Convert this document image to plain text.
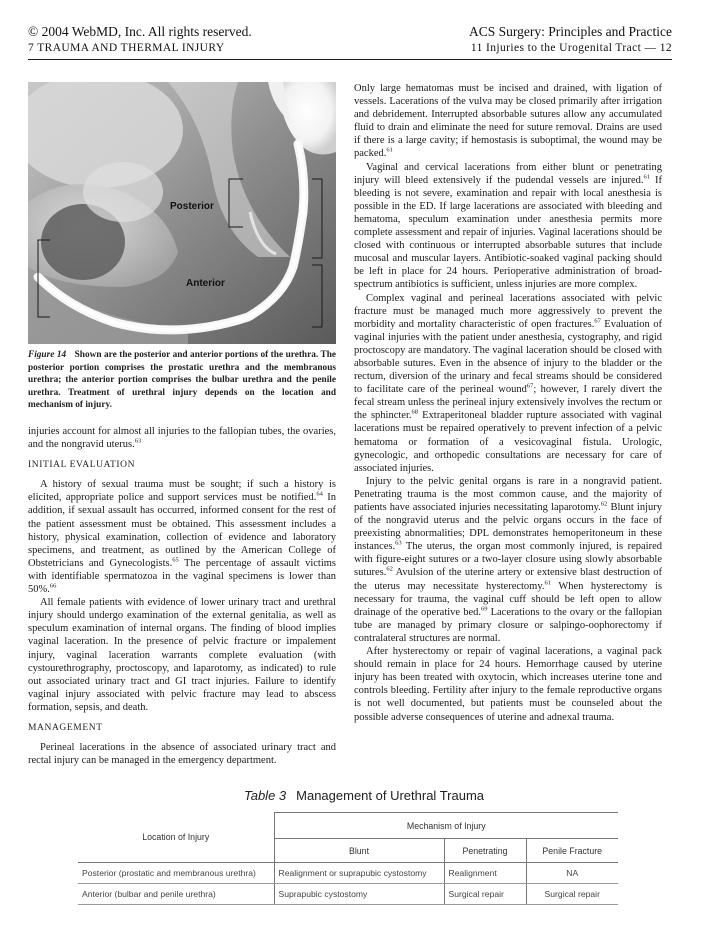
© 2004 WebMD, Inc. All rights reserved.	ACS Surgery: Principles and Practice
7 TRAUMA AND THERMAL INJURY	11 Injuries to the Urogenital Tract — 12
Posterior
Anterior
Figure 14 Shown are the posterior and anterior portions of the urethra. The posterior portion comprises the prostatic urethra and the membranous urethra; the anterior portion comprises the bulbar urethra and the penile urethra. Treatment of urethral injury depends on the location and mechanism of injury.

injuries account for almost all injuries to the fallopian tubes, the ovaries, and the nongravid uterus.$^{63}$

INITIAL EVALUATION

A history of sexual trauma must be sought; if such a history is elicited, appropriate police and support services must be notified.$^{64}$ In addition, if sexual assault has occurred, informed consent for the rest of the patient assessment must be obtained. This assessment includes a history, physical examination, collection of evidence and laboratory specimens, and treatment, as outlined by the American College of Obstetricians and Gynecologists.$^{65}$ The percentage of assault victims with identifiable spermatozoa in the vaginal specimens is lower than 50%.$^{66}$

All female patients with evidence of lower urinary tract and urethral injury should undergo examination of the external genitalia, as well as speculum examination of internal organs. The finding of blood implies vaginal laceration. In the presence of pelvic fracture or impalement injury, vaginal laceration warrants complete evaluation (with cystourethrography, proctoscopy, and laparotomy, as indicated) to rule out associated urinary tract and GI tract injuries. Failure to identify vaginal injury associated with pelvic fracture may lead to abscess formation, sepsis, and death.

MANAGEMENT

Perineal lacerations in the absence of associated urinary tract and rectal injury can be managed in the emergency department.

Only large hematomas must be incised and drained, with ligation of vessels. Lacerations of the vulva may be closed primarily after irrigation and debridement. Interrupted absorbable sutures allow any accumulated fluid to drain and eliminate the need for suture removal. Drains are used if there is a large cavity; if hemostasis is suboptimal, the wound may be packed.$^{61}$

Vaginal and cervical lacerations from either blunt or penetrating injury will bleed extensively if the pudendal vessels are injured.$^{61}$ If bleeding is not severe, examination and repair with local anesthesia is possible in the ED. If large lacerations are associated with bleeding and hematoma, speculum examination under anesthesia permits more complete assessment and repair of injuries. Vaginal lacerations should be closed with continuous or interrupted absorbable sutures that include mucosal and muscular layers. Antibiotic-soaked vaginal packing should be left in place for 24 hours. Perioperative administration of broad-spectrum antibiotics is sufficient, unless injuries are more complex.

Complex vaginal and perineal lacerations associated with pelvic fracture must be managed much more aggressively to prevent the morbidity and mortality characteristic of open fractures.$^{67}$ Evaluation of vaginal injuries with the patient under anesthesia, cystography, and rigid proctoscopy are mandatory. The vaginal laceration should be closed with absorbable sutures. Even in the absence of injury to the bladder or the rectum, diversion of the urinary and fecal streams should be considered to facilitate care of the perineal wound$^{67}$; however, I rarely divert the fecal stream unless the perineal injury extensively involves the rectum or the sphincter.$^{68}$ Extraperitoneal bladder rupture associated with vaginal lacerations must be repaired operatively to prevent infection of a pelvic hematoma or formation of a vesicovaginal fistula. Urologic, gynecologic, and orthopedic consultations are necessary for care of associated injuries.

Injury to the pelvic genital organs is rare in a nongravid patient. Penetrating trauma is the most common cause, and the majority of patients have associated injuries necessitating laparotomy.$^{62}$ Blunt injury of the nongravid uterus and the pelvic organs occurs in the face of preexisting abnormalities; DPL demonstrates hemoperitoneum in these instances.$^{63}$ The uterus, the organ most commonly injured, is repaired with figure-eight sutures or a two-layer closure using slowly absorbable sutures.$^{62}$ Avulsion of the uterine artery or extensive blast destruction of the uterus may necessitate hysterectomy.$^{61}$ When hysterectomy is necessary for trauma, the vaginal cuff should be left open to allow drainage of the operative bed.$^{69}$ Lacerations to the ovary or the fallopian tube are managed by primary closure or salpingo-oophorectomy if contralateral structures are normal.

After hysterectomy or repair of vaginal lacerations, a vaginal pack should remain in place for 24 hours. Hemorrhage caused by uterine injury has been treated with oxytocin, which increases uterine tone and controls bleeding. Fertility after injury to the female reproductive organs is not well documented, but patients must be counseled about the possible adverse consequences of uterine and adnexal trauma.

Table 3 Management of Urethral Trauma
Location of Injury	Mechanism of Injury		
	Blunt	Penetrating	Penile Fracture
Posterior (prostatic and membranous urethra)	Realignment or suprapubic cystostomy	Realignment	NA
Anterior (bulbar and penile urethra)	Suprapubic cystostomy	Surgical repair	Surgical repair
